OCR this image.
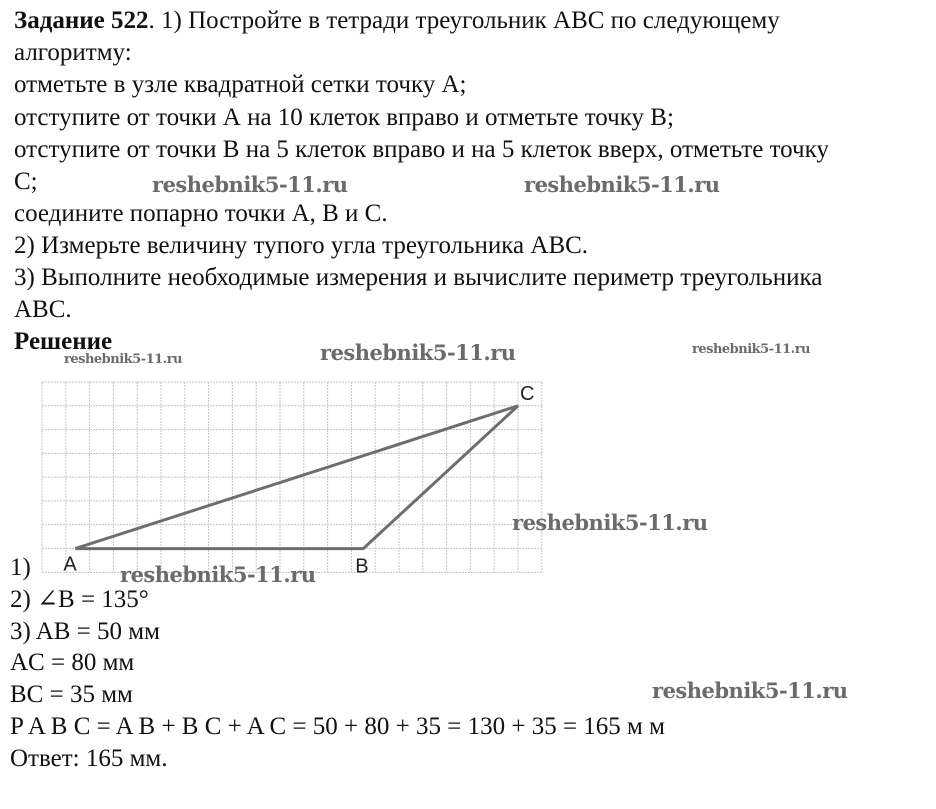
Задание 522. 1) Постройте в тетради треугольник ABC по следующему
алгоритму:
отметьте в узле квадратной сетки точку А;
отступите от точки А на 10 клеток вправо и отметьте точку B;
отступите от точки B на 5 клеток вправо и на 5 клеток вверх, отметьте точку
С;
соедините попарно точки А, В и С.
2) Измерьте величину тупого угла треугольника АВС.
3) Выполните необходимые измерения и вычислите периметр треугольника
АВС.
Решение
A	B
C
1)
2) ∠B = 135°
3) AB = 50 мм
AC = 80 мм
BC = 35 мм
P A B C = A B + B C + A C = 50 + 80 + 35 = 130 + 35 = 165 м м
Ответ: 165 мм.
reshebnik5-11.ru	reshebnik5-11.ru
reshebnik5-11.ru	reshebnik5-11.ru	reshebnik5-11.ru
reshebnik5-11.ru
reshebnik5-11.ru
reshebnik5-11.ru
